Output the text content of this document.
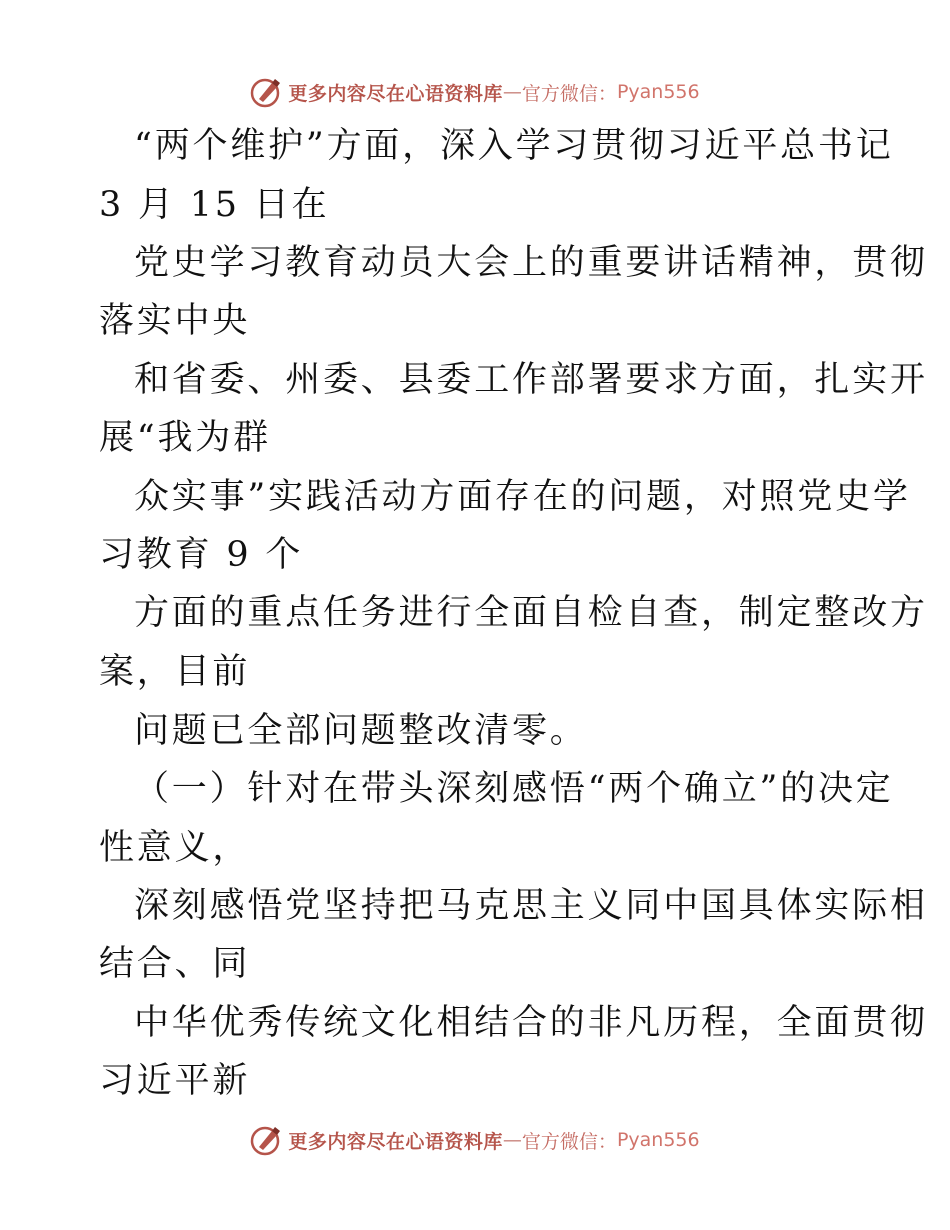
更多内容尽在心语资料库 — 官方微信： Pyan556
“两个维护”方面，深入学习贯彻习近平总书记
3 月 15 日在
党史学习教育动员大会上的重要讲话精神，贯彻
落实中央
和省委、州委、县委工作部署要求方面，扎实开
展“我为群
众实事”实践活动方面存在的问题，对照党史学
习教育 9 个
方面的重点任务进行全面自检自查，制定整改方
案，目前
问题已全部问题整改清零。
（一）针对在带头深刻感悟“两个确立”的决定
性意义，
深刻感悟党坚持把马克思主义同中国具体实际相
结合、同
中华优秀传统文化相结合的非凡历程，全面贯彻
习近平新
更多内容尽在心语资料库 — 官方微信： Pyan556
